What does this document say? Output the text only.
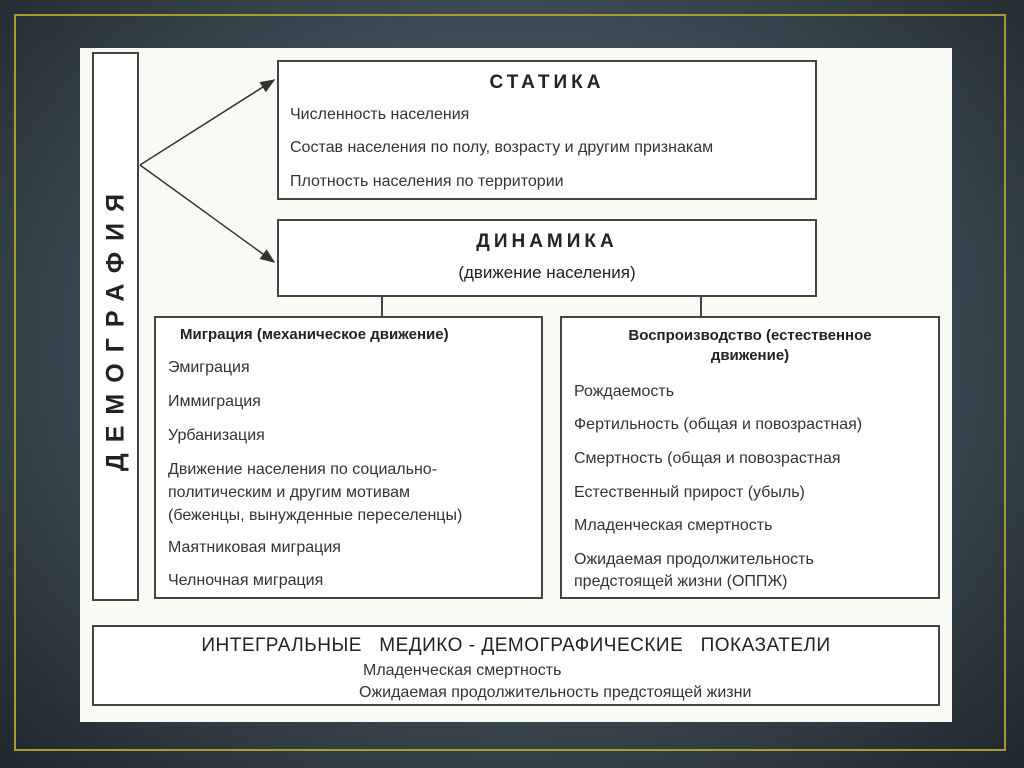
ДЕМОГРАФИЯ
СТАТИКА
Численность населения
Состав населения по полу, возрасту и другим признакам
Плотность населения по территории
ДИНАМИКА
(движение населения)
Миграция (механическое движение)
Эмиграция
Иммиграция
Урбанизация
Движение населения по социально-
политическим и другим мотивам
(беженцы, вынужденные переселенцы)
Маятниковая миграция
Челночная миграция
Воспроизводство (естественное
движение)
Рождаемость
Фертильность (общая и повозрастная)
Смертность (общая и повозрастная
Естественный прирост (убыль)
Младенческая смертность
Ожидаемая продолжительность
предстоящей жизни (ОППЖ)
ИНТЕГРАЛЬНЫЕ   МЕДИКО - ДЕМОГРАФИЧЕСКИЕ   ПОКАЗАТЕЛИ
Младенческая смертность
Ожидаемая продолжительность предстоящей жизни
